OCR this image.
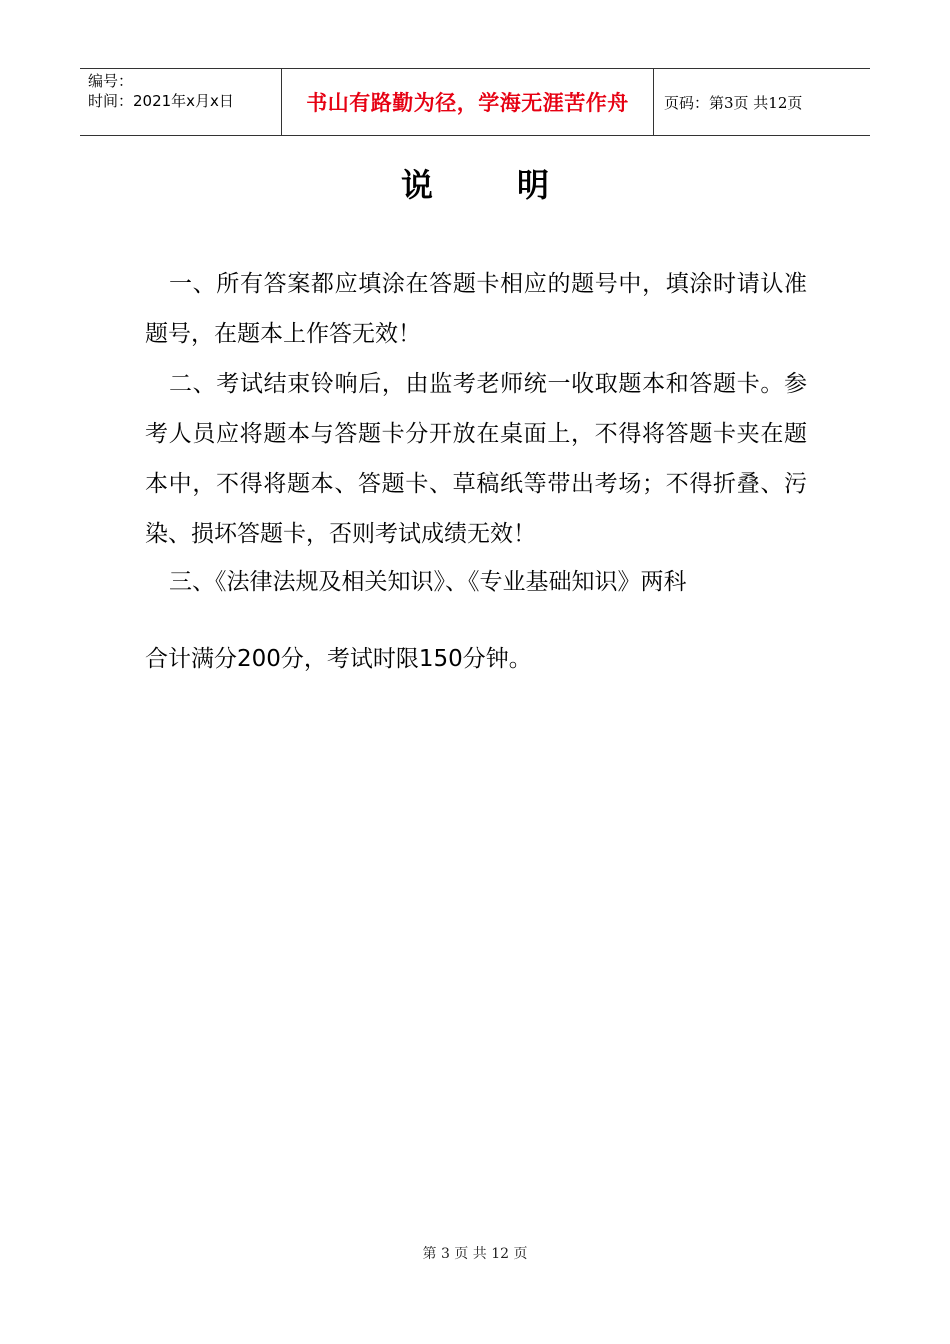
编号：
时间：2021年x月x日	书山有路勤为径，学海无涯苦作舟	页码：第3页 共12页
说明

一、所有答案都应填涂在答题卡相应的题号中，填涂时请认准题号，在题本上作答无效！

二、考试结束铃响后，由监考老师统一收取题本和答题卡。参考人员应将题本与答题卡分开放在桌面上，不得将答题卡夹在题本中，不得将题本、答题卡、草稿纸等带出考场；不得折叠、污染、损坏答题卡，否则考试成绩无效！

三、《法律法规及相关知识》、《专业基础知识》两科

合计满分200分，考试时限150分钟。

第 3 页 共 12 页
